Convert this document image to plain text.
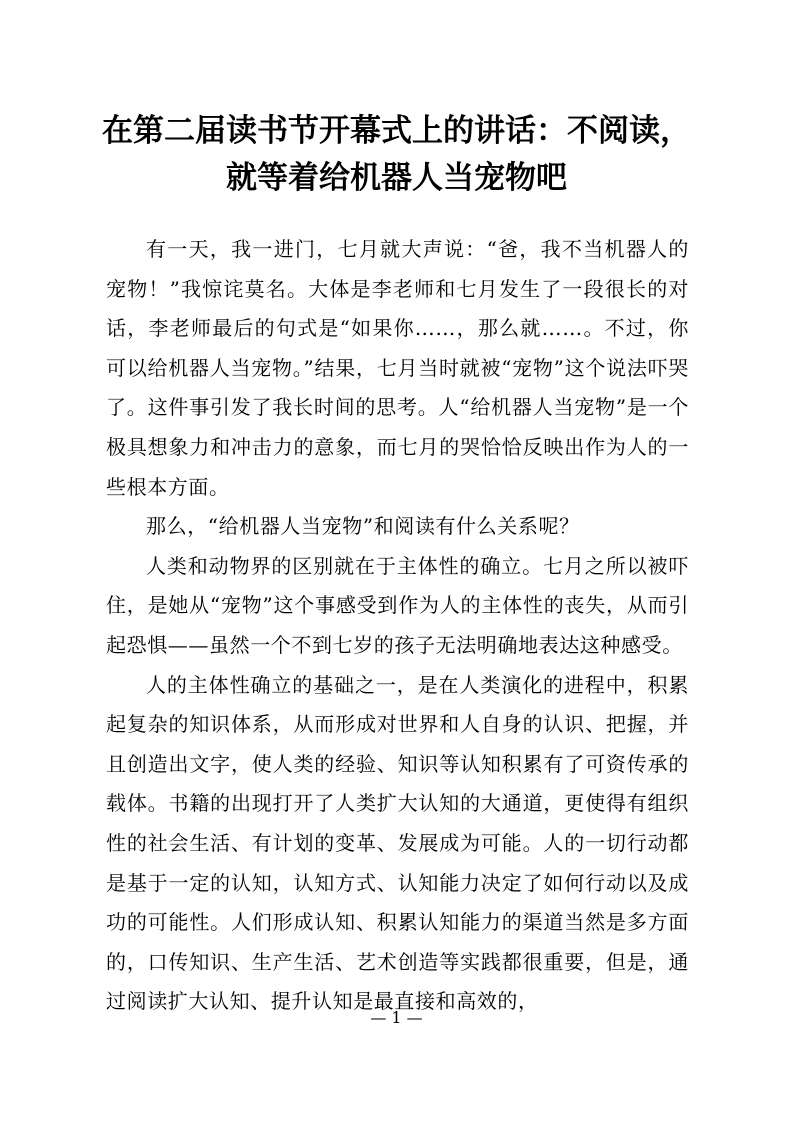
在第二届读书节开幕式上的讲话：不阅读，
就等着给机器人当宠物吧

有一天，我一进门，七月就大声说：“爸，我不当机器人的宠物！”我惊诧莫名。大体是李老师和七月发生了一段很长的对话，李老师最后的句式是“如果你……，那么就……。不过，你可以给机器人当宠物。”结果，七月当时就被“宠物”这个说法吓哭了。这件事引发了我长时间的思考。人“给机器人当宠物”是一个极具想象力和冲击力的意象，而七月的哭恰恰反映出作为人的一些根本方面。

那么，“给机器人当宠物”和阅读有什么关系呢？

人类和动物界的区别就在于主体性的确立。七月之所以被吓住，是她从“宠物”这个事感受到作为人的主体性的丧失，从而引起恐惧——虽然一个不到七岁的孩子无法明确地表达这种感受。

人的主体性确立的基础之一，是在人类演化的进程中，积累起复杂的知识体系，从而形成对世界和人自身的认识、把握，并且创造出文字，使人类的经验、知识等认知积累有了可资传承的载体。书籍的出现打开了人类扩大认知的大通道，更使得有组织性的社会生活、有计划的变革、发展成为可能。人的一切行动都是基于一定的认知，认知方式、认知能力决定了如何行动以及成功的可能性。人们形成认知、积累认知能力的渠道当然是多方面的，口传知识、生产生活、艺术创造等实践都很重要，但是，通过阅读扩大认知、提升认知是最直接和高效的，

— 1 —
